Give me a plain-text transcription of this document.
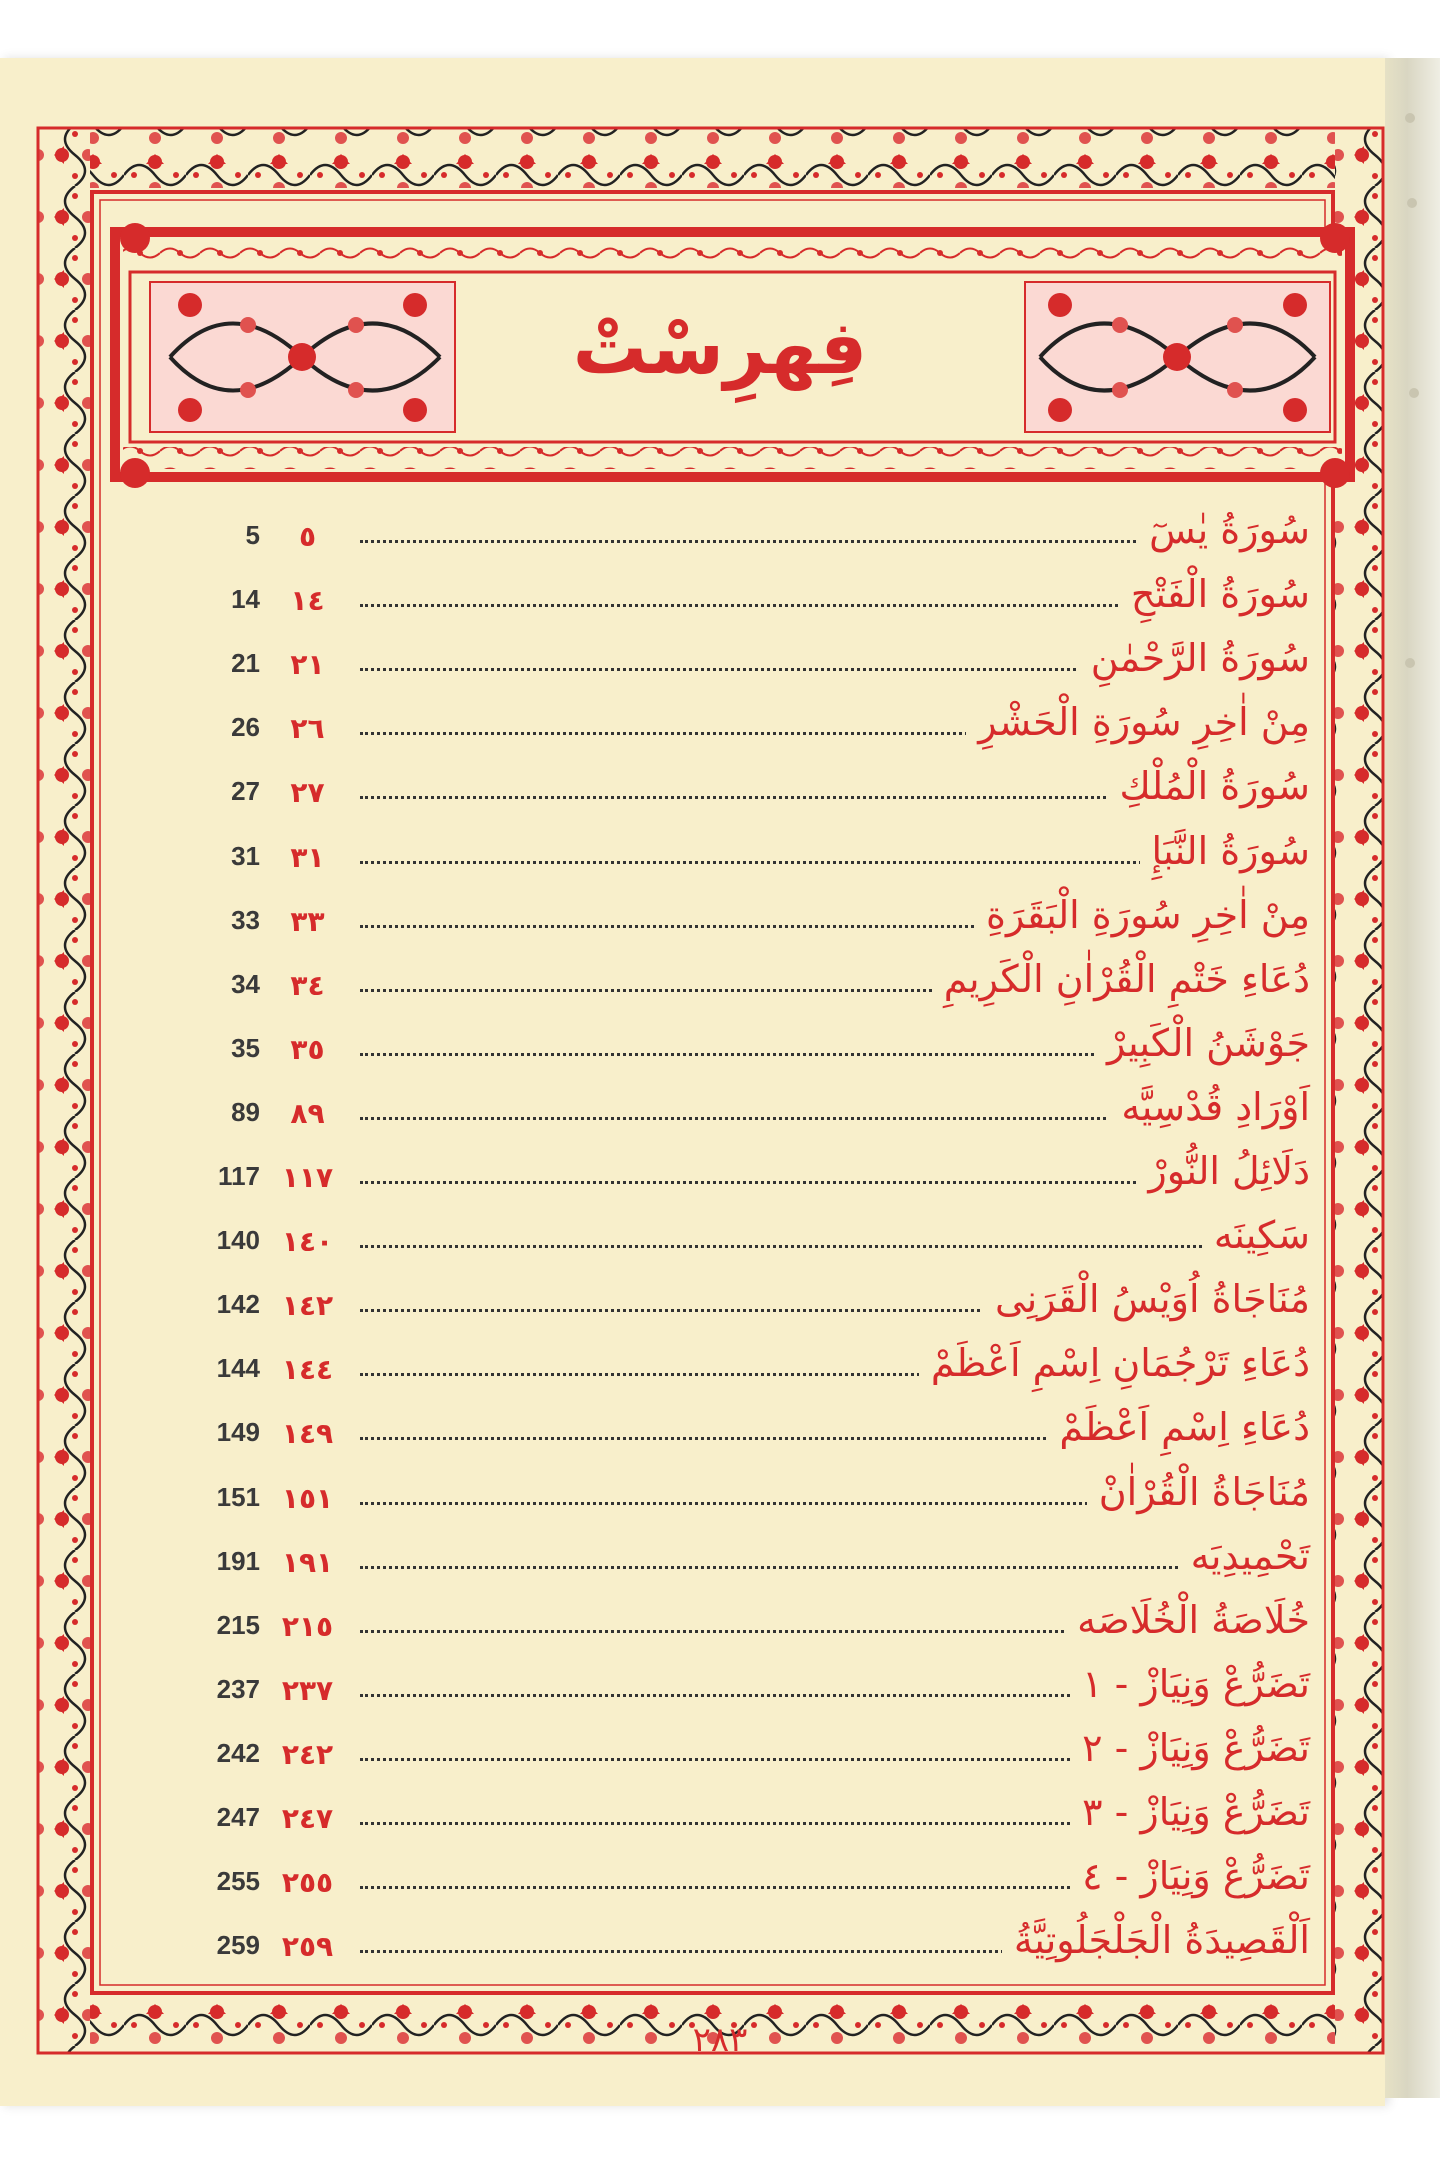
فِهرِسْتْ
5	٥	سُورَةُ يٰسٓ
14	١٤	سُورَةُ الْفَتْحِ
21	٢١	سُورَةُ الرَّحْمٰنِ
26	٢٦	مِنْ اٰخِرِ سُورَةِ الْحَشْرِ
27	٢٧	سُورَةُ الْمُلْكِ
31	٣١	سُورَةُ النَّبَإِ
33	٣٣	مِنْ اٰخِرِ سُورَةِ الْبَقَرَةِ
34	٣٤	دُعَاءِ خَتْمِ الْقُرْاٰنِ الْكَرِيمِ
35	٣٥	جَوْشَنُ الْكَبِيرْ
89	٨٩	اَوْرَادِ قُدْسِيَّه
117 ١١٧	دَلَائِلُ النُّورْ
140 ١٤٠	سَكِينَه
142 ١٤٢	مُنَاجَاةُ اُوَيْسُ الْقَرَنِى
144 ١٤٤	دُعَاءِ تَرْجُمَانِ اِسْمِ اَعْظَمْ
149 ١٤٩	دُعَاءِ اِسْمِ اَعْظَمْ
151 ١٥١	مُنَاجَاةُ الْقُرْاٰنْ
191 ١٩١	تَحْمِيدِيَه
215 ٢١٥	خُلَاصَةُ الْخُلَاصَه
237 ٢٣٧	تَضَرُّعْ وَنِيَازْ - ١
242 ٢٤٢	تَضَرُّعْ وَنِيَازْ - ٢
247 ٢٤٧	تَضَرُّعْ وَنِيَازْ - ٣
255 ٢٥٥	تَضَرُّعْ وَنِيَازْ - ٤
259 ٢٥٩	اَلْقَصِيدَةُ الْجَلْجَلُوتِيَّةُ
٢٨٣
